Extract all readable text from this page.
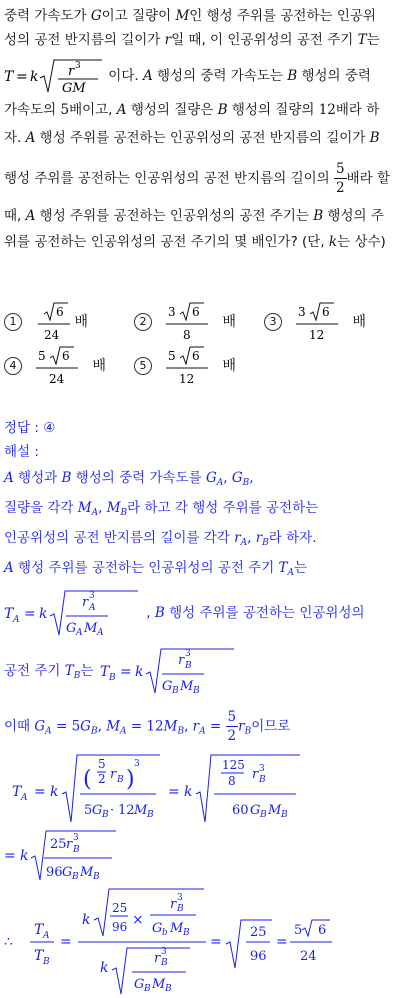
중력 가속도가 G이고 질량이 M인 행성 주위를 공전하는 인공위
성의 공전 반지름의 길이가 r일 때, 이 인공위성의 공전 주기 T는
T = k r 3
GM
이다. A 행성의 중력 가속도는 B 행성의 중력
가속도의 5배이고, A 행성의 질량은 B 행성의 질량의 12배라 하
자. A 행성 주위를 공전하는 인공위성의 공전 반지름의 길이가 B
행성 주위를 공전하는 인공위성의 공전 반지름의 길이의 $\frac{5}{2}$ 배라 할
때, A 행성 주위를 공전하는 인공위성의 공전 주기는 B 행성의 주
위를 공전하는 인공위성의 공전 주기의 몇 배인가? (단, k는 상수)
1
6
24
배	2
3 6
8
배	3
3 6
12
배
4
5 6
24
배	5
5 6
12
배
정답 : ④
해설 :
A 행성과 B 행성의 중력 가속도를 $G_A$, $G_B$,
질량을 각각 $M_A$, $M_B$라 하고 각 행성 주위를 공전하는
인공위성의 공전 반지름의 길이를 각각 $r_A$, $r_B$라 하자.
A 행성 주위를 공전하는 인공위성의 공전 주기 $T_A$는
T A = k
r 3
A
G A M A
, B 행성 주위를 공전하는 인공위성의
공전 주기 $T_B$는 T B = k
r 3
B
G B M B
이때 $G_A = 5G_B$, $M_A = 12M_B$, $r_A = \frac{5}{2} r_B$이므로
T A = k (
5
2 r B )
3
5 G B · 12 M B
= k
125
8 r 3
B
60 G B M B
= k
25 r 3
B
96 G B M B
∴
T A
T B
=
k
25
96 ×
r 3
B
G b M B
k
r 3
B
G B M B
=
25
96
=
5 6
24
